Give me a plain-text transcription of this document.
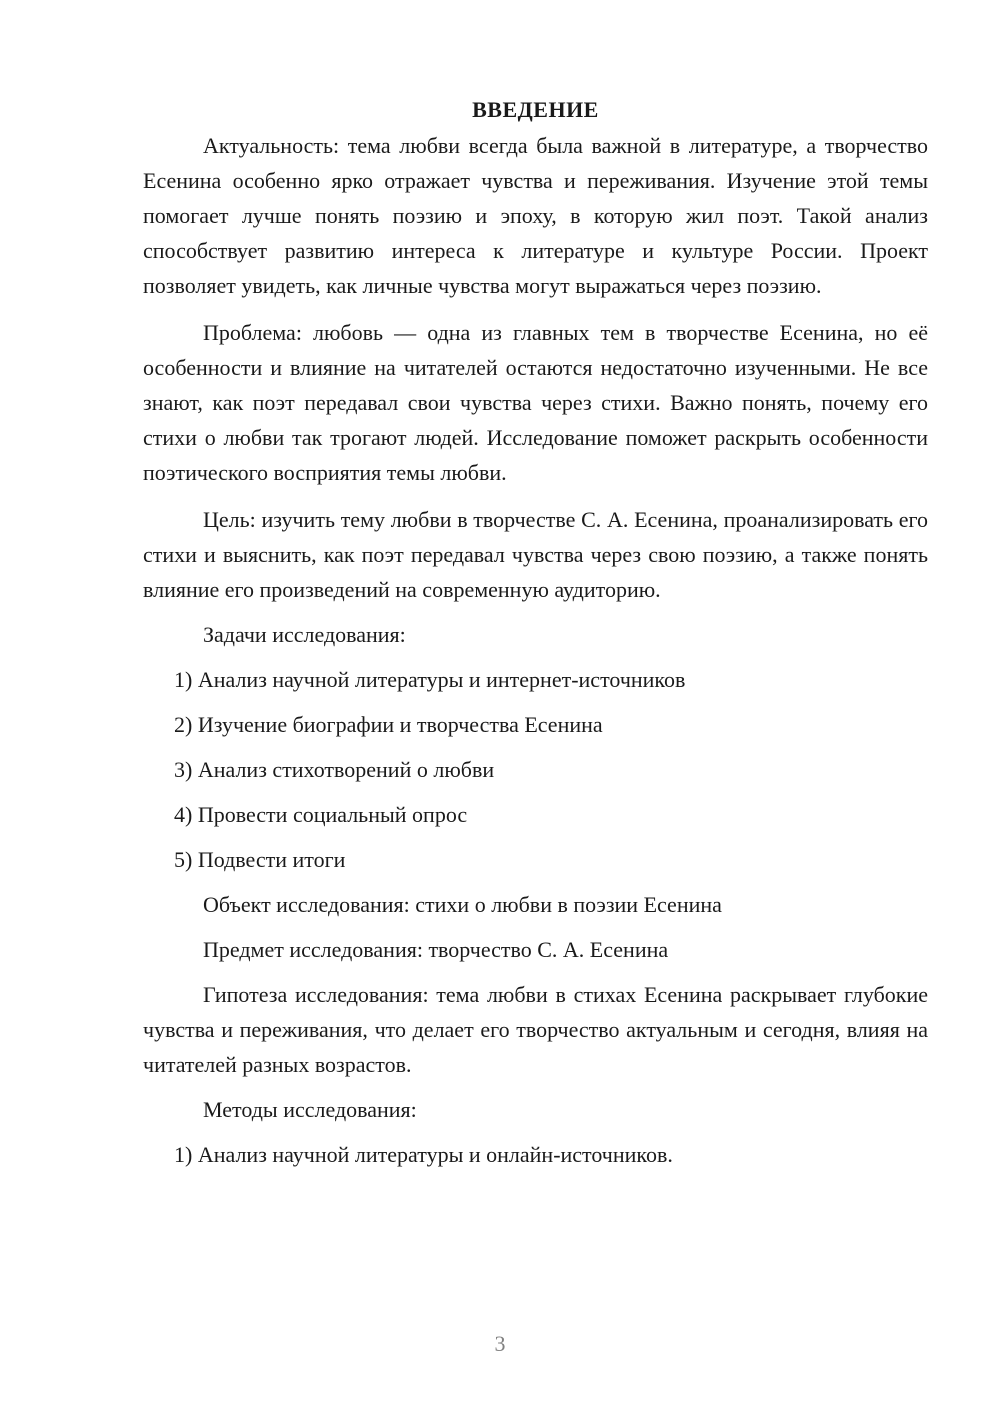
ВВЕДЕНИЕ

Актуальность: тема любви всегда была важной в литературе, а творчество Есенина особенно ярко отражает чувства и переживания. Изучение этой темы помогает лучше понять поэзию и эпоху, в которую жил поэт. Такой анализ способствует развитию интереса к литературе и культуре России. Проект позволяет увидеть, как личные чувства могут выражаться через поэзию.

Проблема: любовь — одна из главных тем в творчестве Есенина, но её особенности и влияние на читателей остаются недостаточно изученными. Не все знают, как поэт передавал свои чувства через стихи. Важно понять, почему его стихи о любви так трогают людей. Исследование поможет раскрыть особенности поэтического восприятия темы любви.

Цель: изучить тему любви в творчестве С. А. Есенина, проанализировать его стихи и выяснить, как поэт передавал чувства через свою поэзию, а также понять влияние его произведений на современную аудиторию.

Задачи исследования:

1) Анализ научной литературы и интернет-источников

2) Изучение биографии и творчества Есенина

3) Анализ стихотворений о любви

4) Провести социальный опрос

5) Подвести итоги

Объект исследования: стихи о любви в поэзии Есенина

Предмет исследования: творчество С. А. Есенина

Гипотеза исследования: тема любви в стихах Есенина раскрывает глубокие чувства и переживания, что делает его творчество актуальным и сегодня, влияя на читателей разных возрастов.

Методы исследования:

1) Анализ научной литературы и онлайн-источников.

3
